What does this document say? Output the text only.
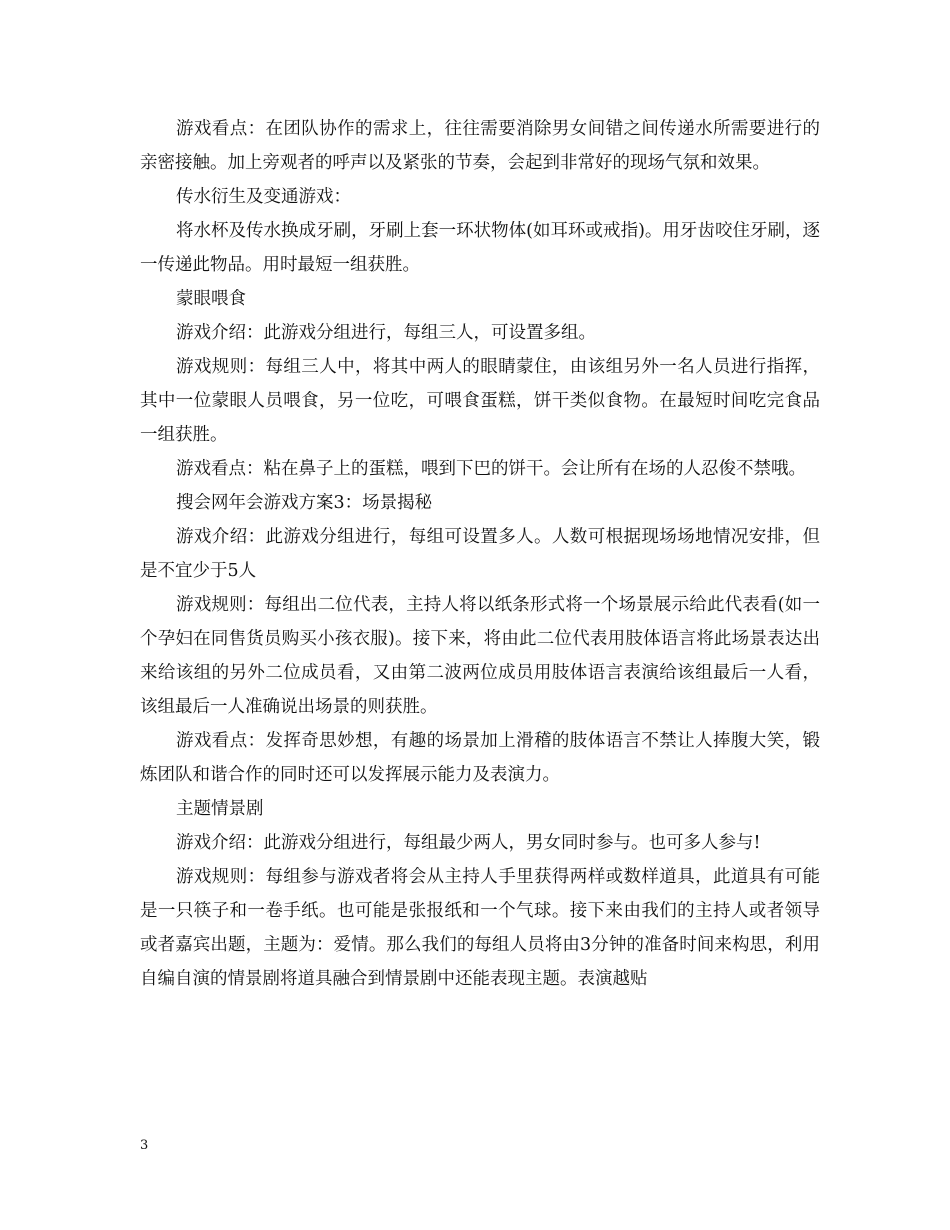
游戏看点：在团队协作的需求上，往往需要消除男女间错之间传递水所需要进行的亲密接触。加上旁观者的呼声以及紧张的节奏，会起到非常好的现场气氛和效果。

传水衍生及变通游戏：

将水杯及传水换成牙刷，牙刷上套一环状物体(如耳环或戒指)。用牙齿咬住牙刷，逐一传递此物品。用时最短一组获胜。

蒙眼喂食

游戏介绍：此游戏分组进行，每组三人，可设置多组。

游戏规则：每组三人中，将其中两人的眼睛蒙住，由该组另外一名人员进行指挥，其中一位蒙眼人员喂食，另一位吃，可喂食蛋糕，饼干类似食物。在最短时间吃完食品一组获胜。

游戏看点：粘在鼻子上的蛋糕，喂到下巴的饼干。会让所有在场的人忍俊不禁哦。

搜会网年会游戏方案3：场景揭秘

游戏介绍：此游戏分组进行，每组可设置多人。人数可根据现场场地情况安排，但是不宜少于5人

游戏规则：每组出二位代表，主持人将以纸条形式将一个场景展示给此代表看(如一个孕妇在同售货员购买小孩衣服)。接下来，将由此二位代表用肢体语言将此场景表达出来给该组的另外二位成员看，又由第二波两位成员用肢体语言表演给该组最后一人看，该组最后一人准确说出场景的则获胜。

游戏看点：发挥奇思妙想，有趣的场景加上滑稽的肢体语言不禁让人捧腹大笑，锻炼团队和谐合作的同时还可以发挥展示能力及表演力。

主题情景剧

游戏介绍：此游戏分组进行，每组最少两人，男女同时参与。也可多人参与!

游戏规则：每组参与游戏者将会从主持人手里获得两样或数样道具，此道具有可能是一只筷子和一卷手纸。也可能是张报纸和一个气球。接下来由我们的主持人或者领导或者嘉宾出题，主题为：爱情。那么我们的每组人员将由3分钟的准备时间来构思，利用自编自演的情景剧将道具融合到情景剧中还能表现主题。表演越贴

3
